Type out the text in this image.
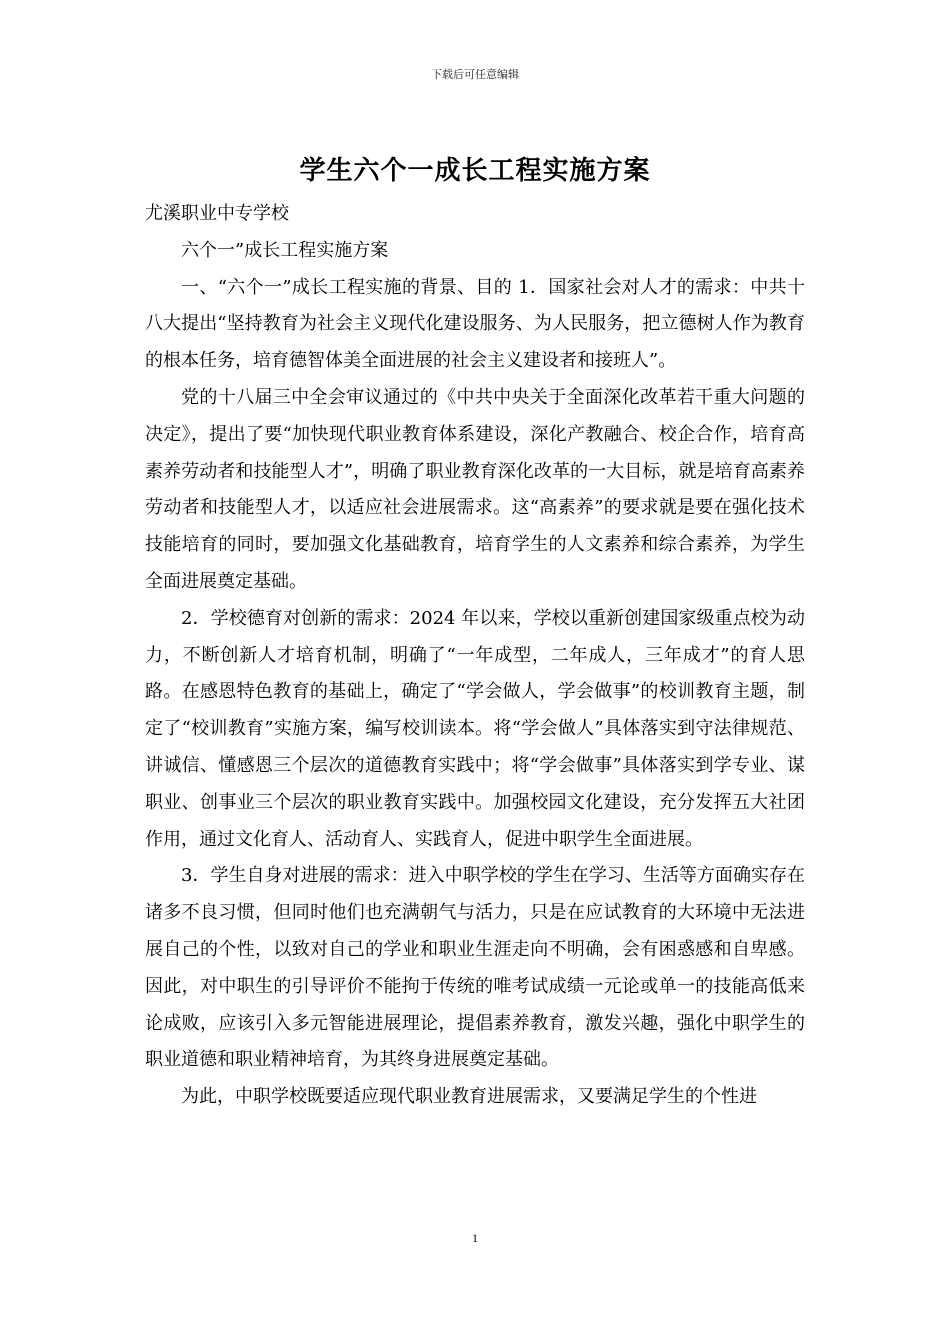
下载后可任意编辑
学生六个一成长工程实施方案

尤溪职业中专学校

六个一”成长工程实施方案

一、“六个一”成长工程实施的背景、目的 1．国家社会对人才的需求：中共十八大提出“坚持教育为社会主义现代化建设服务、为人民服务，把立德树人作为教育的根本任务，培育德智体美全面进展的社会主义建设者和接班人”。

党的十八届三中全会审议通过的《中共中央关于全面深化改革若干重大问题的决定》，提出了要“加快现代职业教育体系建设，深化产教融合、校企合作，培育高素养劳动者和技能型人才”，明确了职业教育深化改革的一大目标，就是培育高素养劳动者和技能型人才，以适应社会进展需求。这“高素养”的要求就是要在强化技术技能培育的同时，要加强文化基础教育，培育学生的人文素养和综合素养，为学生全面进展奠定基础。

2．学校德育对创新的需求：2024 年以来，学校以重新创建国家级重点校为动力，不断创新人才培育机制，明确了“一年成型，二年成人，三年成才”的育人思路。在感恩特色教育的基础上，确定了“学会做人，学会做事”的校训教育主题，制定了“校训教育”实施方案，编写校训读本。将“学会做人”具体落实到守法律规范、讲诚信、懂感恩三个层次的道德教育实践中；将“学会做事”具体落实到学专业、谋职业、创事业三个层次的职业教育实践中。加强校园文化建设，充分发挥五大社团作用，通过文化育人、活动育人、实践育人，促进中职学生全面进展。

3．学生自身对进展的需求：进入中职学校的学生在学习、生活等方面确实存在诸多不良习惯，但同时他们也充满朝气与活力，只是在应试教育的大环境中无法进展自己的个性，以致对自己的学业和职业生涯走向不明确，会有困惑感和自卑感。因此，对中职生的引导评价不能拘于传统的唯考试成绩一元论或单一的技能高低来论成败，应该引入多元智能进展理论，提倡素养教育，激发兴趣，强化中职学生的职业道德和职业精神培育，为其终身进展奠定基础。

为此，中职学校既要适应现代职业教育进展需求，又要满足学生的个性进

1
